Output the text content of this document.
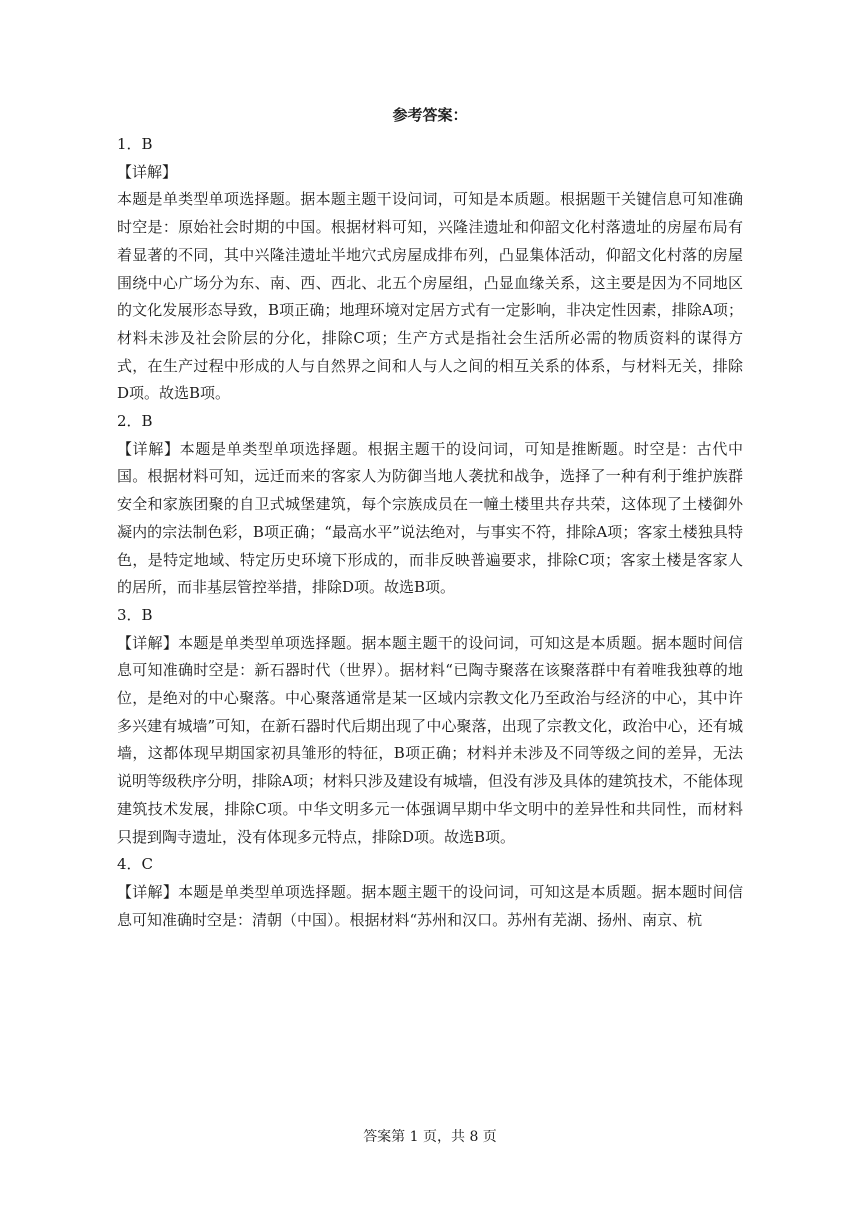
参考答案：

1．B

【详解】

本题是单类型单项选择题。据本题主题干设问词，可知是本质题。根据题干关键信息可知准确时空是：原始社会时期的中国。根据材料可知，兴隆洼遗址和仰韶文化村落遗址的房屋布局有着显著的不同，其中兴隆洼遗址半地穴式房屋成排布列，凸显集体活动，仰韶文化村落的房屋围绕中心广场分为东、南、西、西北、北五个房屋组，凸显血缘关系，这主要是因为不同地区的文化发展形态导致，B项正确；地理环境对定居方式有一定影响，非决定性因素，排除A项；材料未涉及社会阶层的分化，排除C项；生产方式是指社会生活所必需的物质资料的谋得方式，在生产过程中形成的人与自然界之间和人与人之间的相互关系的体系，与材料无关，排除D项。故选B项。

2．B

【详解】本题是单类型单项选择题。根据主题干的设问词，可知是推断题。时空是：古代中国。根据材料可知，远迁而来的客家人为防御当地人袭扰和战争，选择了一种有利于维护族群安全和家族团聚的自卫式城堡建筑，每个宗族成员在一幢土楼里共存共荣，这体现了土楼御外凝内的宗法制色彩，B项正确；“最高水平”说法绝对，与事实不符，排除A项；客家土楼独具特色，是特定地域、特定历史环境下形成的，而非反映普遍要求，排除C项；客家土楼是客家人的居所，而非基层管控举措，排除D项。故选B项。

3．B

【详解】本题是单类型单项选择题。据本题主题干的设问词，可知这是本质题。据本题时间信息可知准确时空是：新石器时代（世界）。据材料“已陶寺聚落在该聚落群中有着唯我独尊的地位，是绝对的中心聚落。中心聚落通常是某一区域内宗教文化乃至政治与经济的中心，其中许多兴建有城墙”可知，在新石器时代后期出现了中心聚落，出现了宗教文化，政治中心，还有城墙，这都体现早期国家初具雏形的特征，B项正确；材料并未涉及不同等级之间的差异，无法说明等级秩序分明，排除A项；材料只涉及建设有城墙，但没有涉及具体的建筑技术，不能体现建筑技术发展，排除C项。中华文明多元一体强调早期中华文明中的差异性和共同性，而材料只提到陶寺遗址，没有体现多元特点，排除D项。故选B项。

4．C

【详解】本题是单类型单项选择题。据本题主题干的设问词，可知这是本质题。据本题时间信息可知准确时空是：清朝（中国）。根据材料“苏州和汉口。苏州有芜湖、扬州、南京、杭

答案第 1 页，共 8 页
